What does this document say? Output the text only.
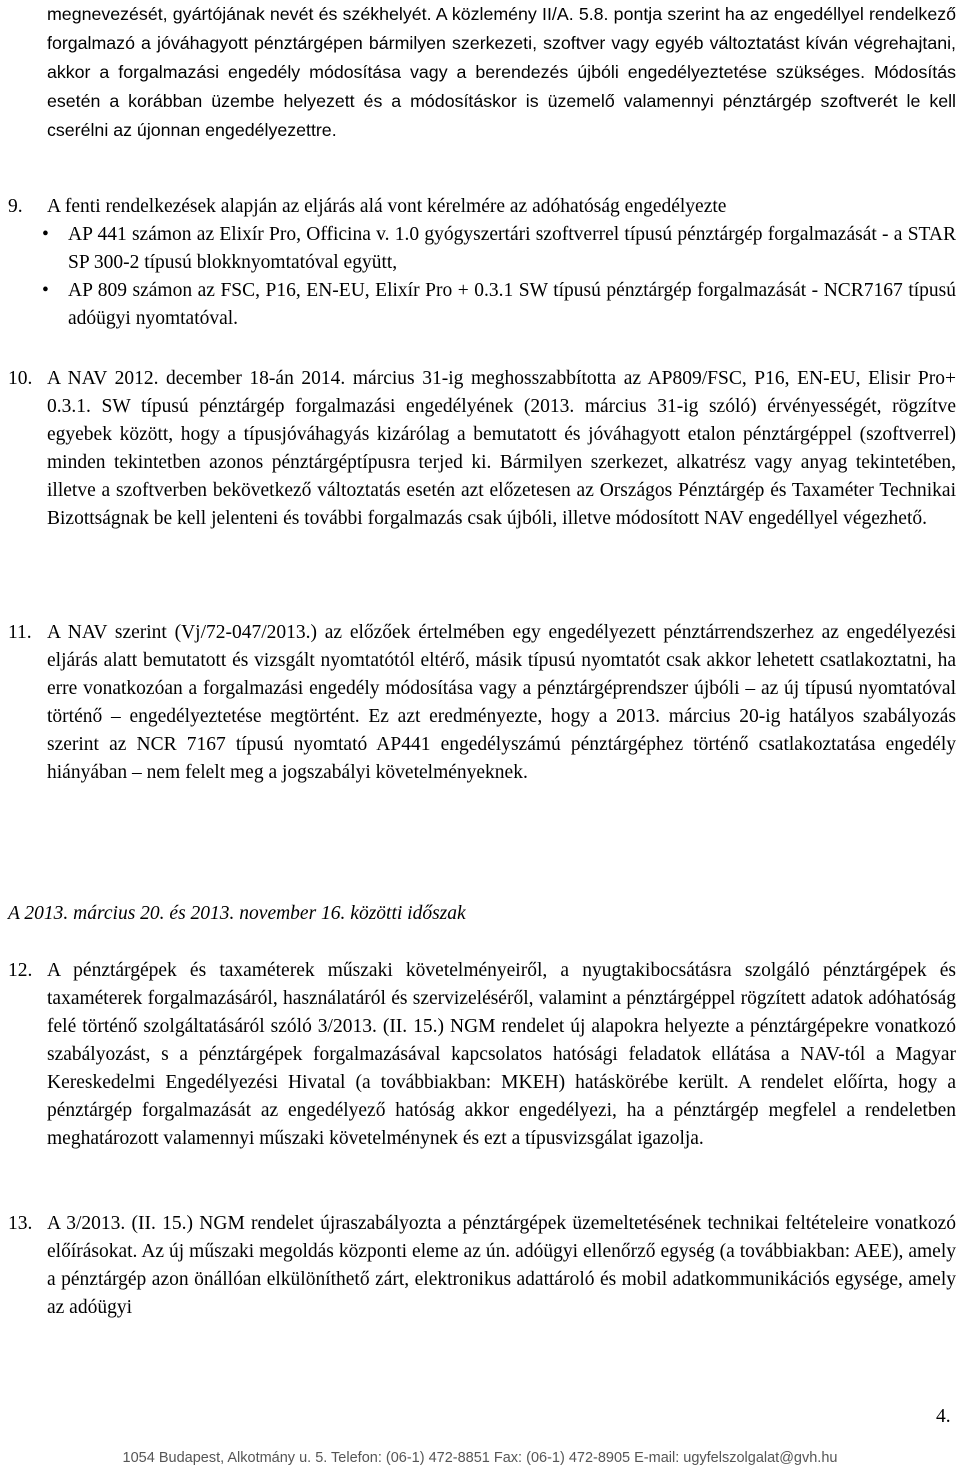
megnevezését, gyártójának nevét és székhelyét. A közlemény II/A. 5.8. pontja szerint ha az engedéllyel rendelkező forgalmazó a jóváhagyott pénztárgépen bármilyen szerkezeti, szoftver vagy egyéb változtatást kíván végrehajtani, akkor a forgalmazási engedély módosítása vagy a berendezés újbóli engedélyeztetése szükséges. Módosítás esetén a korábban üzembe helyezett és a módosításkor is üzemelő valamennyi pénztárgép szoftverét le kell cserélni az újonnan engedélyezettre.
9. A fenti rendelkezések alapján az eljárás alá vont kérelmére az adóhatóság engedélyezte
• AP 441 számon az Elixír Pro, Officina v. 1.0 gyógyszertári szoftverrel típusú pénztárgép forgalmazását - a STAR SP 300-2 típusú blokknyomtatóval együtt,
• AP 809 számon az FSC, P16, EN-EU, Elixír Pro + 0.3.1 SW típusú pénztárgép forgalmazását - NCR7167 típusú adóügyi nyomtatóval.
10. A NAV 2012. december 18-án 2014. március 31-ig meghosszabbította az AP809/FSC, P16, EN-EU, Elisir Pro+ 0.3.1. SW típusú pénztárgép forgalmazási engedélyének (2013. március 31-ig szóló) érvényességét, rögzítve egyebek között, hogy a típusjóváhagyás kizárólag a bemutatott és jóváhagyott etalon pénztárgéppel (szoftverrel) minden tekintetben azonos pénztárgéptípusra terjed ki. Bármilyen szerkezet, alkatrész vagy anyag tekintetében, illetve a szoftverben bekövetkező változtatás esetén azt előzetesen az Országos Pénztárgép és Taxaméter Technikai Bizottságnak be kell jelenteni és további forgalmazás csak újbóli, illetve módosított NAV engedéllyel végezhető.
11. A NAV szerint (Vj/72-047/2013.) az előzőek értelmében egy engedélyezett pénztárrendszerhez az engedélyezési eljárás alatt bemutatott és vizsgált nyomtatótól eltérő, másik típusú nyomtatót csak akkor lehetett csatlakoztatni, ha erre vonatkozóan a forgalmazási engedély módosítása vagy a pénztárgéprendszer újbóli – az új típusú nyomtatóval történő – engedélyeztetése megtörtént. Ez azt eredményezte, hogy a 2013. március 20-ig hatályos szabályozás szerint az NCR 7167 típusú nyomtató AP441 engedélyszámú pénztárgéphez történő csatlakoztatása engedély hiányában – nem felelt meg a jogszabályi követelményeknek.
A 2013. március 20. és 2013. november 16. közötti időszak
12. A pénztárgépek és taxaméterek műszaki követelményeiről, a nyugtakibocsátásra szolgáló pénztárgépek és taxaméterek forgalmazásáról, használatáról és szervizeléséről, valamint a pénztárgéppel rögzített adatok adóhatóság felé történő szolgáltatásáról szóló 3/2013. (II. 15.) NGM rendelet új alapokra helyezte a pénztárgépekre vonatkozó szabályozást, s a pénztárgépek forgalmazásával kapcsolatos hatósági feladatok ellátása a NAV-tól a Magyar Kereskedelmi Engedélyezési Hivatal (a továbbiakban: MKEH) hatáskörébe került. A rendelet előírta, hogy a pénztárgép forgalmazását az engedélyező hatóság akkor engedélyezi, ha a pénztárgép megfelel a rendeletben meghatározott valamennyi műszaki követelménynek és ezt a típusvizsgálat igazolja.
13. A 3/2013. (II. 15.) NGM rendelet újraszabályozta a pénztárgépek üzemeltetésének technikai feltételeire vonatkozó előírásokat. Az új műszaki megoldás központi eleme az ún. adóügyi ellenőrző egység (a továbbiakban: AEE), amely a pénztárgép azon önállóan elkülöníthető zárt, elektronikus adattároló és mobil adatkommunikációs egysége, amely az adóügyi
4.
1054 Budapest, Alkotmány u. 5. Telefon: (06-1) 472-8851 Fax: (06-1) 472-8905 E-mail: ugyfelszolgalat@gvh.hu
